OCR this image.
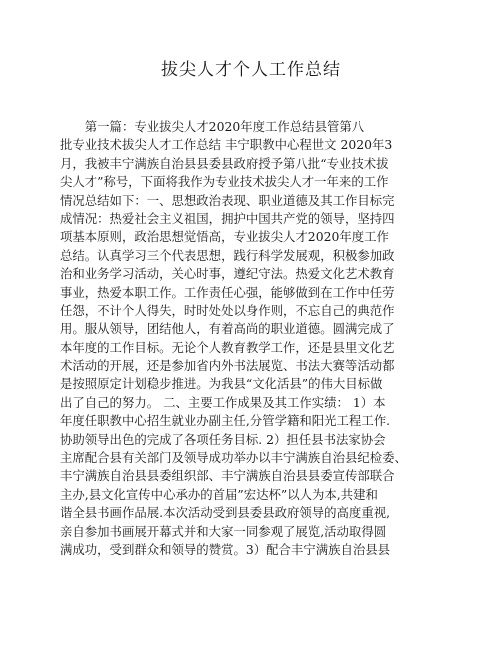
拔尖人才个人工作总结
　　第一篇：专业拔尖人才2020年度工作总结县管第八
批专业技术拔尖人才工作总结 丰宁职教中心程世文 2020年3
月，我被丰宁满族自治县县委县政府授予第八批“专业技术拔
尖人才”称号，下面将我作为专业技术拔尖人才一年来的工作
情况总结如下：一、思想政治表现、职业道德及其工作目标完
成情况：热爱社会主义祖国，拥护中国共产党的领导，坚持四
项基本原则，政治思想觉悟高，专业拔尖人才2020年度工作
总结。认真学习三个代表思想，践行科学发展观，积极参加政
治和业务学习活动，关心时事，遵纪守法。热爱文化艺术教育
事业，热爱本职工作。工作责任心强，能够做到在工作中任劳
任怨，不计个人得失，时时处处以身作则，不忘自己的典范作
用。服从领导，团结他人，有着高尚的职业道德。圆满完成了
本年度的工作目标。无论个人教育教学工作，还是县里文化艺
术活动的开展，还是参加省内外书法展览、书法大赛等活动都
是按照原定计划稳步推进。为我县“文化活县”的伟大目标做
出了自己的努力。 二、主要工作成果及其工作实绩： 1）本
年度任职教中心招生就业办副主任,分管学籍和阳光工程工作.
协助领导出色的完成了各项任务目标. 2）担任县书法家协会
主席配合县有关部门及领导成功举办以丰宁满族自治县纪检委、
丰宁满族自治县县委组织部、丰宁满族自治县县委宣传部联合
主办,县文化宣传中心承办的首届”宏达杯”以人为本,共建和
谐全县书画作品展.本次活动受到县委县政府领导的高度重视,
亲自参加书画展开幕式并和大家一同参观了展览,活动取得圆
满成功，受到群众和领导的赞赏。3）配合丰宁满族自治县县
